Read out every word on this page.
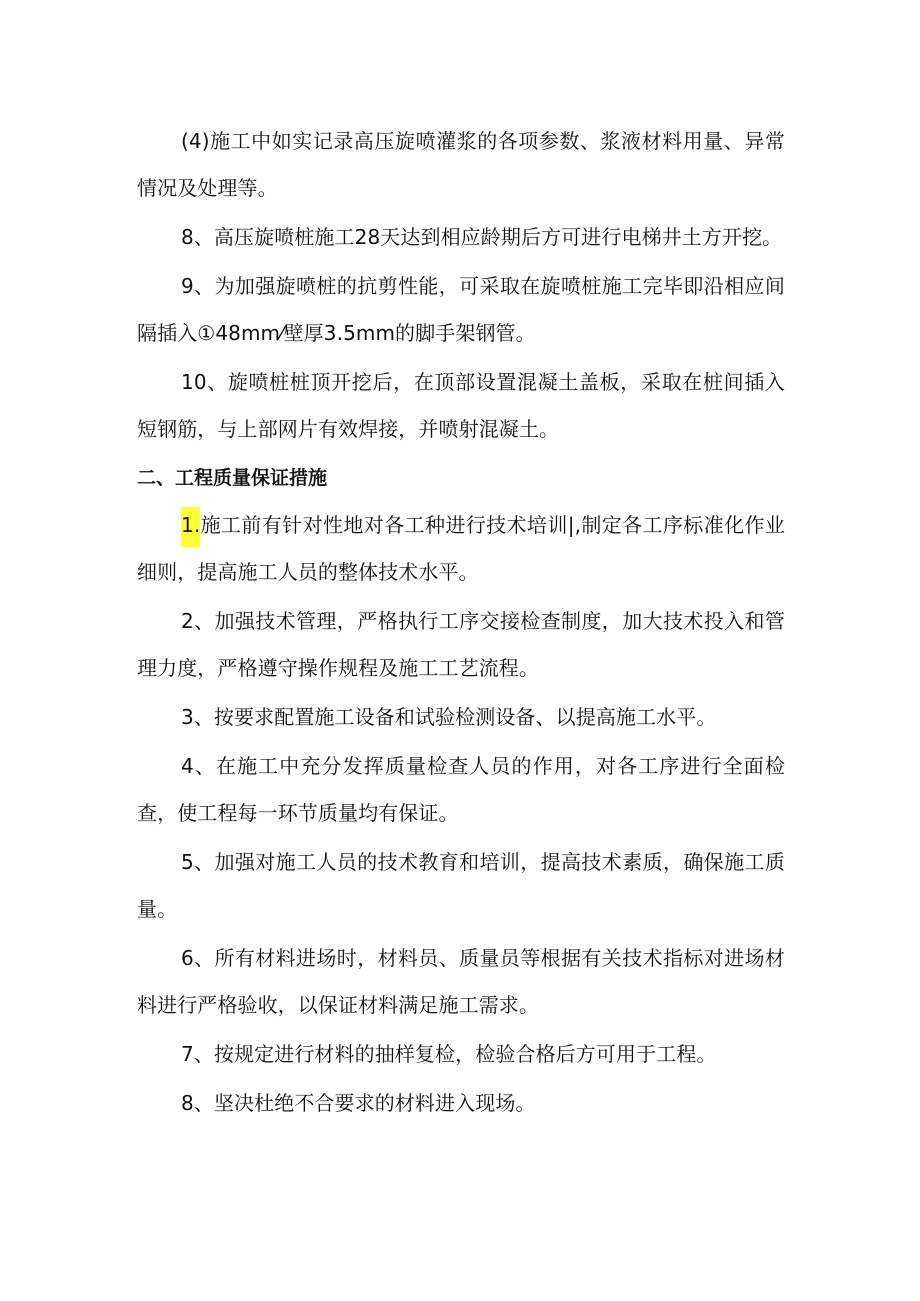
(4)施工中如实记录高压旋喷灌浆的各项参数、浆液材料用量、异常情况及处理等。

8、高压旋喷桩施工28天达到相应龄期后方可进行电梯井土方开挖。

9、为加强旋喷桩的抗剪性能，可采取在旋喷桩施工完毕即沿相应间隔插入①48mm⁄壁厚3.5mm的脚手架钢管。

10、旋喷桩桩顶开挖后，在顶部设置混凝土盖板，采取在桩间插入短钢筋，与上部网片有效焊接，并喷射混凝土。

二、工程质量保证措施

1.施工前有针对性地对各工种进行技术培训|,制定各工序标准化作业细则，提高施工人员的整体技术水平。

2、加强技术管理，严格执行工序交接检查制度，加大技术投入和管理力度，严格遵守操作规程及施工工艺流程。

3、按要求配置施工设备和试验检测设备、以提高施工水平。

4、在施工中充分发挥质量检查人员的作用，对各工序进行全面检查，使工程每一环节质量均有保证。

5、加强对施工人员的技术教育和培训，提高技术素质，确保施工质量。

6、所有材料进场时，材料员、质量员等根据有关技术指标对进场材料进行严格验收，以保证材料满足施工需求。

7、按规定进行材料的抽样复检，检验合格后方可用于工程。

8、坚决杜绝不合要求的材料进入现场。
